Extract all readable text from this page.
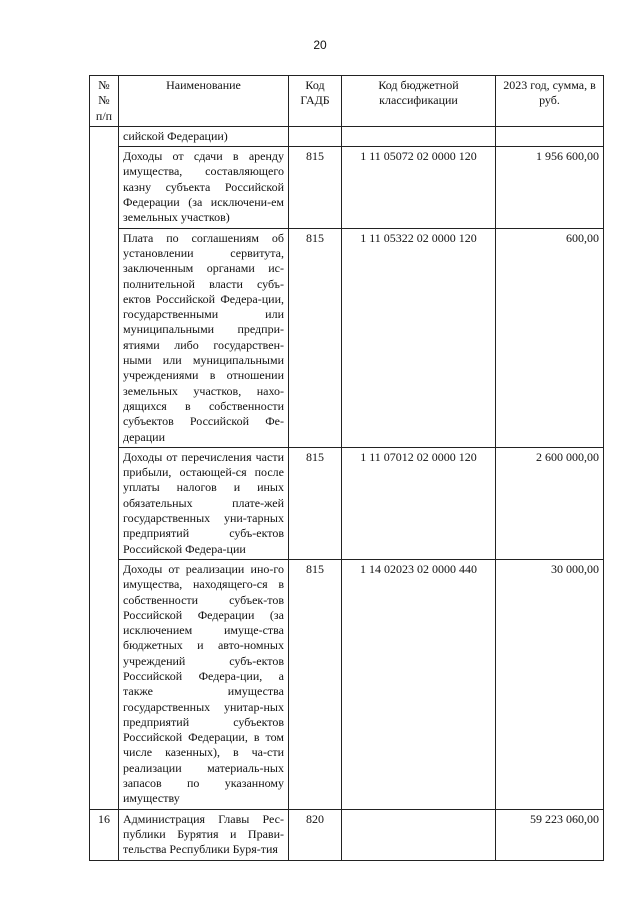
20
№№ п/п	Наименование	Код ГАДБ	Код бюджетной классификации	2023 год, сумма, в руб.
	сийской Федерации)			
	Доходы от сдачи в аренду имущества, составляющего казну субъекта Российской Федерации (за исключени-ем земельных участков)	815	1 11 05072 02 0000 120	1 956 600,00
	Плата по соглашениям об установлении сервитута, заключенным органами ис-полнительной власти субъ-ектов Российской Федера-ции, государственными или муниципальными предпри-ятиями либо государствен-ными или муниципальными учреждениями в отношении земельных участков, нахо-дящихся в собственности субъектов Российской Фе-дерации	815	1 11 05322 02 0000 120	600,00
	Доходы от перечисления части прибыли, остающей-ся после уплаты налогов и иных обязательных плате-жей государственных уни-тарных предприятий субъ-ектов Российской Федера-ции	815	1 11 07012 02 0000 120	2 600 000,00
	Доходы от реализации ино-го имущества, находящего-ся в собственности субъек-тов Российской Федерации (за исключением имуще-ства бюджетных и авто-номных учреждений субъ-ектов Российской Федера-ции, а также имущества государственных унитар-ных предприятий субъектов Российской Федерации, в том числе казенных), в ча-сти реализации материаль-ных запасов по указанному имуществу	815	1 14 02023 02 0000 440	30 000,00
16	Администрация Главы Рес-публики Бурятия и Прави-тельства Республики Буря-тия	820		59 223 060,00
